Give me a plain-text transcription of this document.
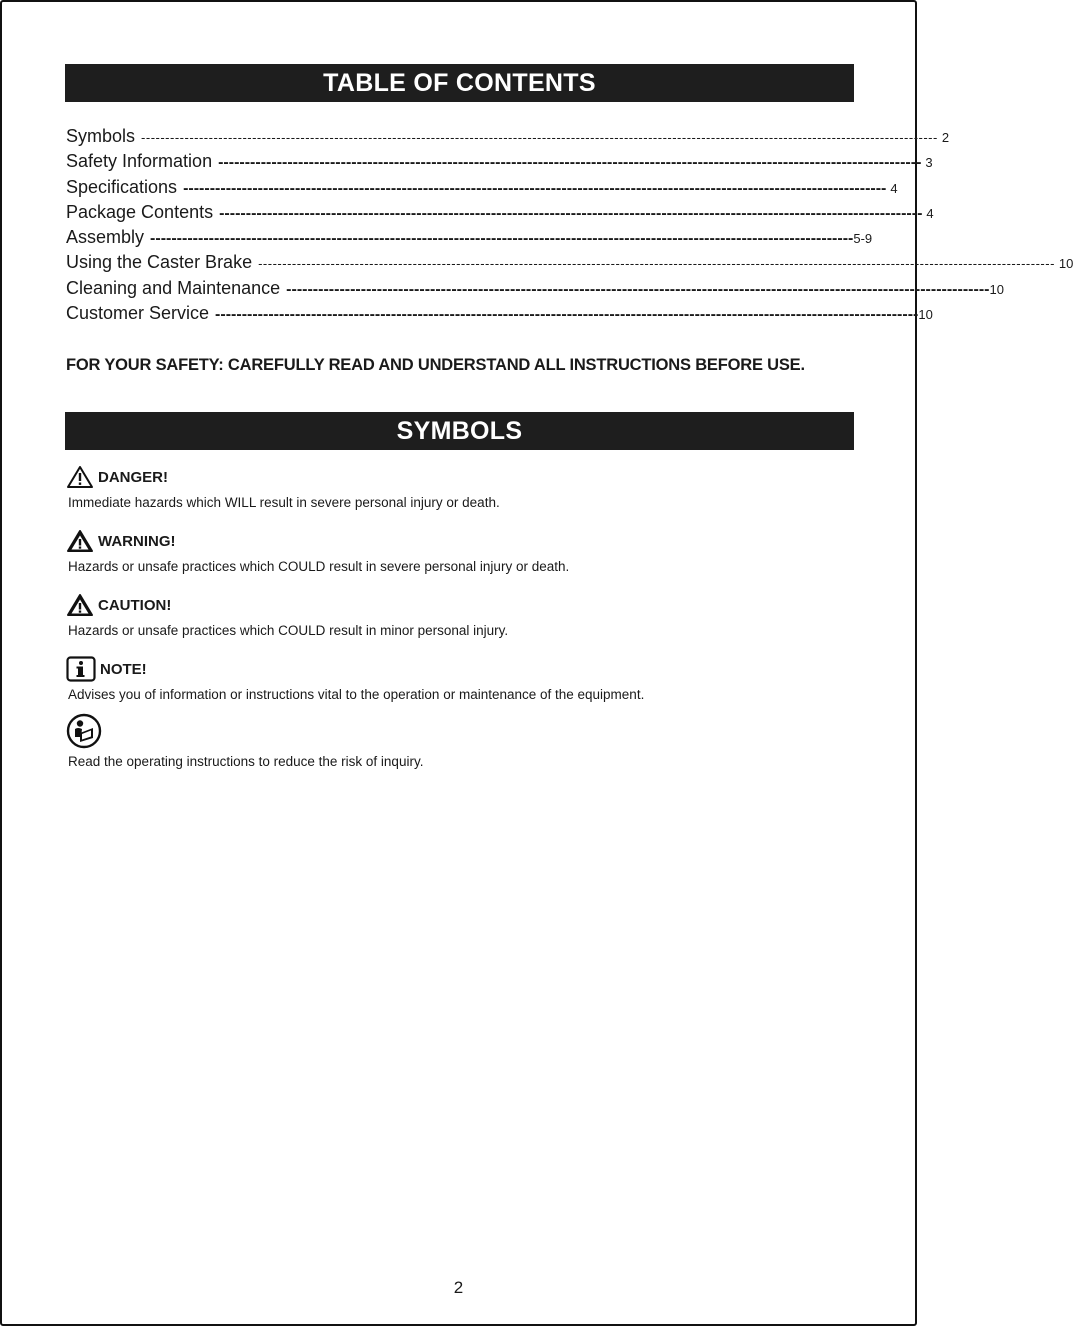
TABLE OF CONTENTS
Symbols --------------------------------------------------------------------------------------------------------------------------------------------------------------------- 2
Safety Information ------------------------------------------------------------------------------------------------------------------------------------ 3
Specifications ------------------------------------------------------------------------------------------------------------------------------------ 4
Package Contents ------------------------------------------------------------------------------------------------------------------------------------ 4
Assembly ------------------------------------------------------------------------------------------------------------------------------------ 5-9
Using the Caster Brake --------------------------------------------------------------------------------------------------------------------------------------------------------------------- 10
Cleaning and Maintenance ------------------------------------------------------------------------------------------------------------------------------------ 10
Customer Service ------------------------------------------------------------------------------------------------------------------------------------ 10
FOR YOUR SAFETY: CAREFULLY READ AND UNDERSTAND ALL INSTRUCTIONS BEFORE USE.
SYMBOLS
DANGER!
Immediate hazards which WILL result in severe personal injury or death.
WARNING!
Hazards or unsafe practices which COULD result in severe personal injury or death.
CAUTION!
Hazards or unsafe practices which COULD result in minor personal injury.
NOTE!
Advises you of information or instructions vital to the operation or maintenance of the equipment.
Read the operating instructions to reduce the risk of inquiry.
2
